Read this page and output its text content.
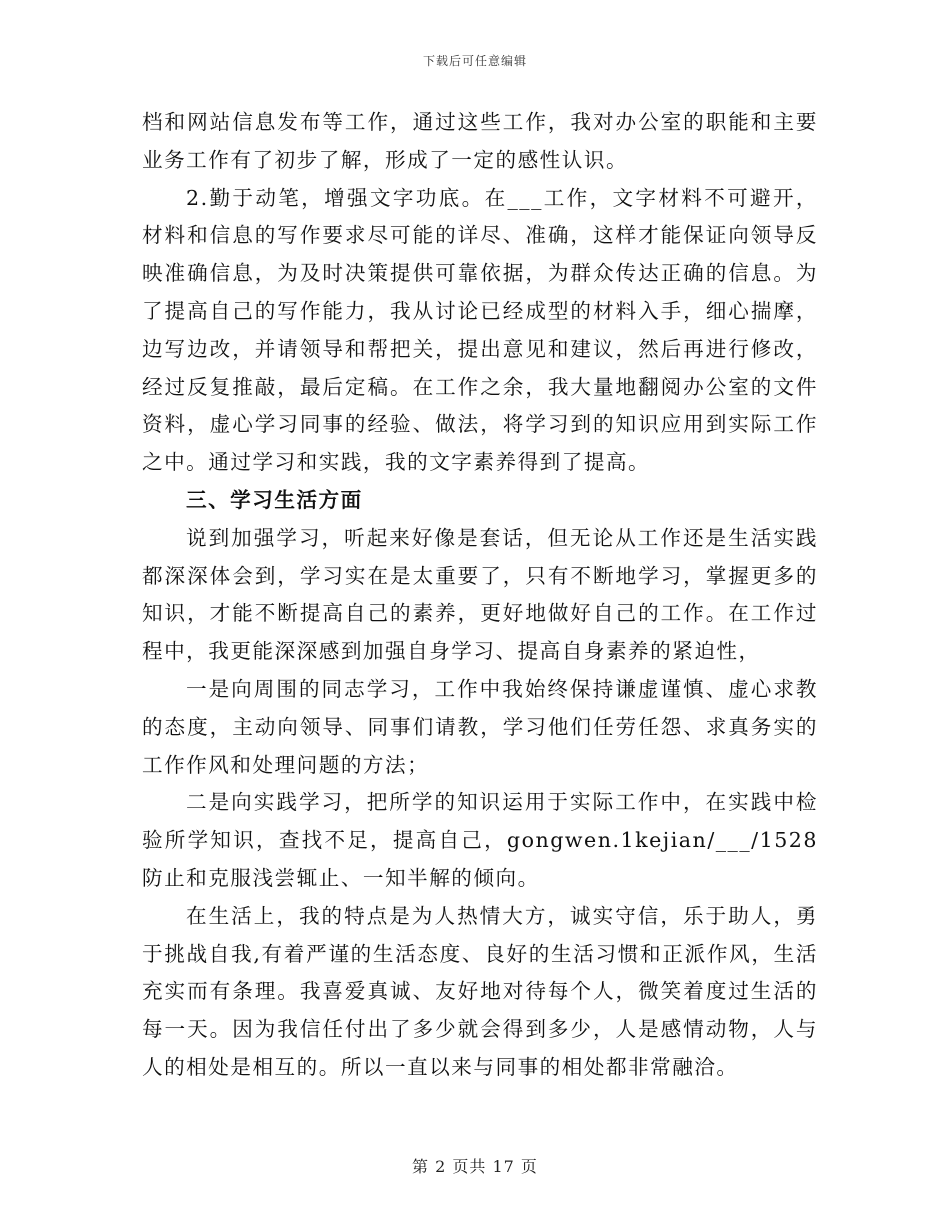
下载后可任意编辑

档和网站信息发布等工作，通过这些工作，我对办公室的职能和主要业务工作有了初步了解，形成了一定的感性认识。

2.勤于动笔，增强文字功底。在___工作，文字材料不可避开，材料和信息的写作要求尽可能的详尽、准确，这样才能保证向领导反映准确信息，为及时决策提供可靠依据，为群众传达正确的信息。为了提高自己的写作能力，我从讨论已经成型的材料入手，细心揣摩，边写边改，并请领导和帮把关，提出意见和建议，然后再进行修改，经过反复推敲，最后定稿。在工作之余，我大量地翻阅办公室的文件资料，虚心学习同事的经验、做法，将学习到的知识应用到实际工作之中。通过学习和实践，我的文字素养得到了提高。

三、学习生活方面

说到加强学习，听起来好像是套话，但无论从工作还是生活实践都深深体会到，学习实在是太重要了，只有不断地学习，掌握更多的知识，才能不断提高自己的素养，更好地做好自己的工作。在工作过程中，我更能深深感到加强自身学习、提高自身素养的紧迫性，

一是向周围的同志学习，工作中我始终保持谦虚谨慎、虚心求教的态度，主动向领导、同事们请教，学习他们任劳任怨、求真务实的工作作风和处理问题的方法；

二是向实践学习，把所学的知识运用于实际工作中，在实践中检验所学知识，查找不足，提高自己，gongwen.1kejian/___/1528防止和克服浅尝辄止、一知半解的倾向。

在生活上，我的特点是为人热情大方，诚实守信，乐于助人，勇于挑战自我,有着严谨的生活态度、良好的生活习惯和正派作风，生活充实而有条理。我喜爱真诚、友好地对待每个人，微笑着度过生活的每一天。因为我信任付出了多少就会得到多少，人是感情动物，人与人的相处是相互的。所以一直以来与同事的相处都非常融洽。

第 2 页共 17 页
